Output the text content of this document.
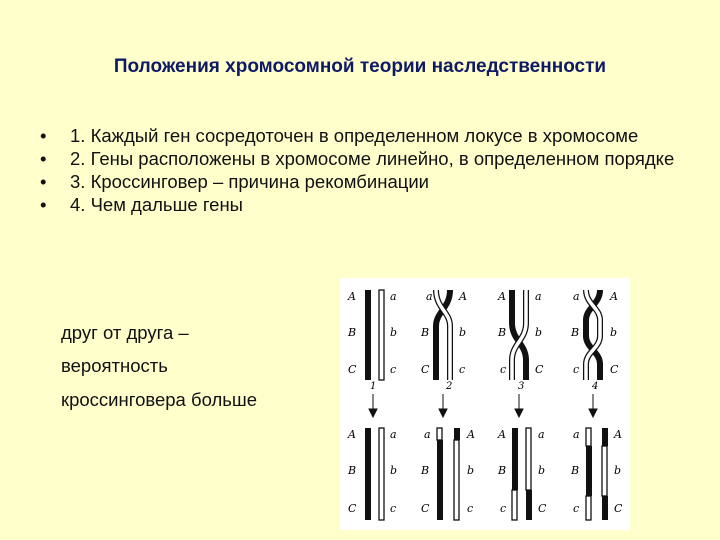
Положения хромосомной теории наследственности
• 1. Каждый ген сосредоточен в определенном локусе в хромосоме
• 2. Гены расположены в хромосоме линейно, в определенном порядке
• 3. Кроссинговер – причина рекомбинации
• 4. Чем дальше гены
друг от друга –
вероятность
кроссинговера больше
A	a
B	b
C	c
a A
B	b
C	c
A	a
B	b
c	C
a	A
B	b
c	C
1	2	3	4
A	a
B	b
C	c
a	A
B	b
C	c
A	a
B	b
c	C
a	A
B	b
c	C
